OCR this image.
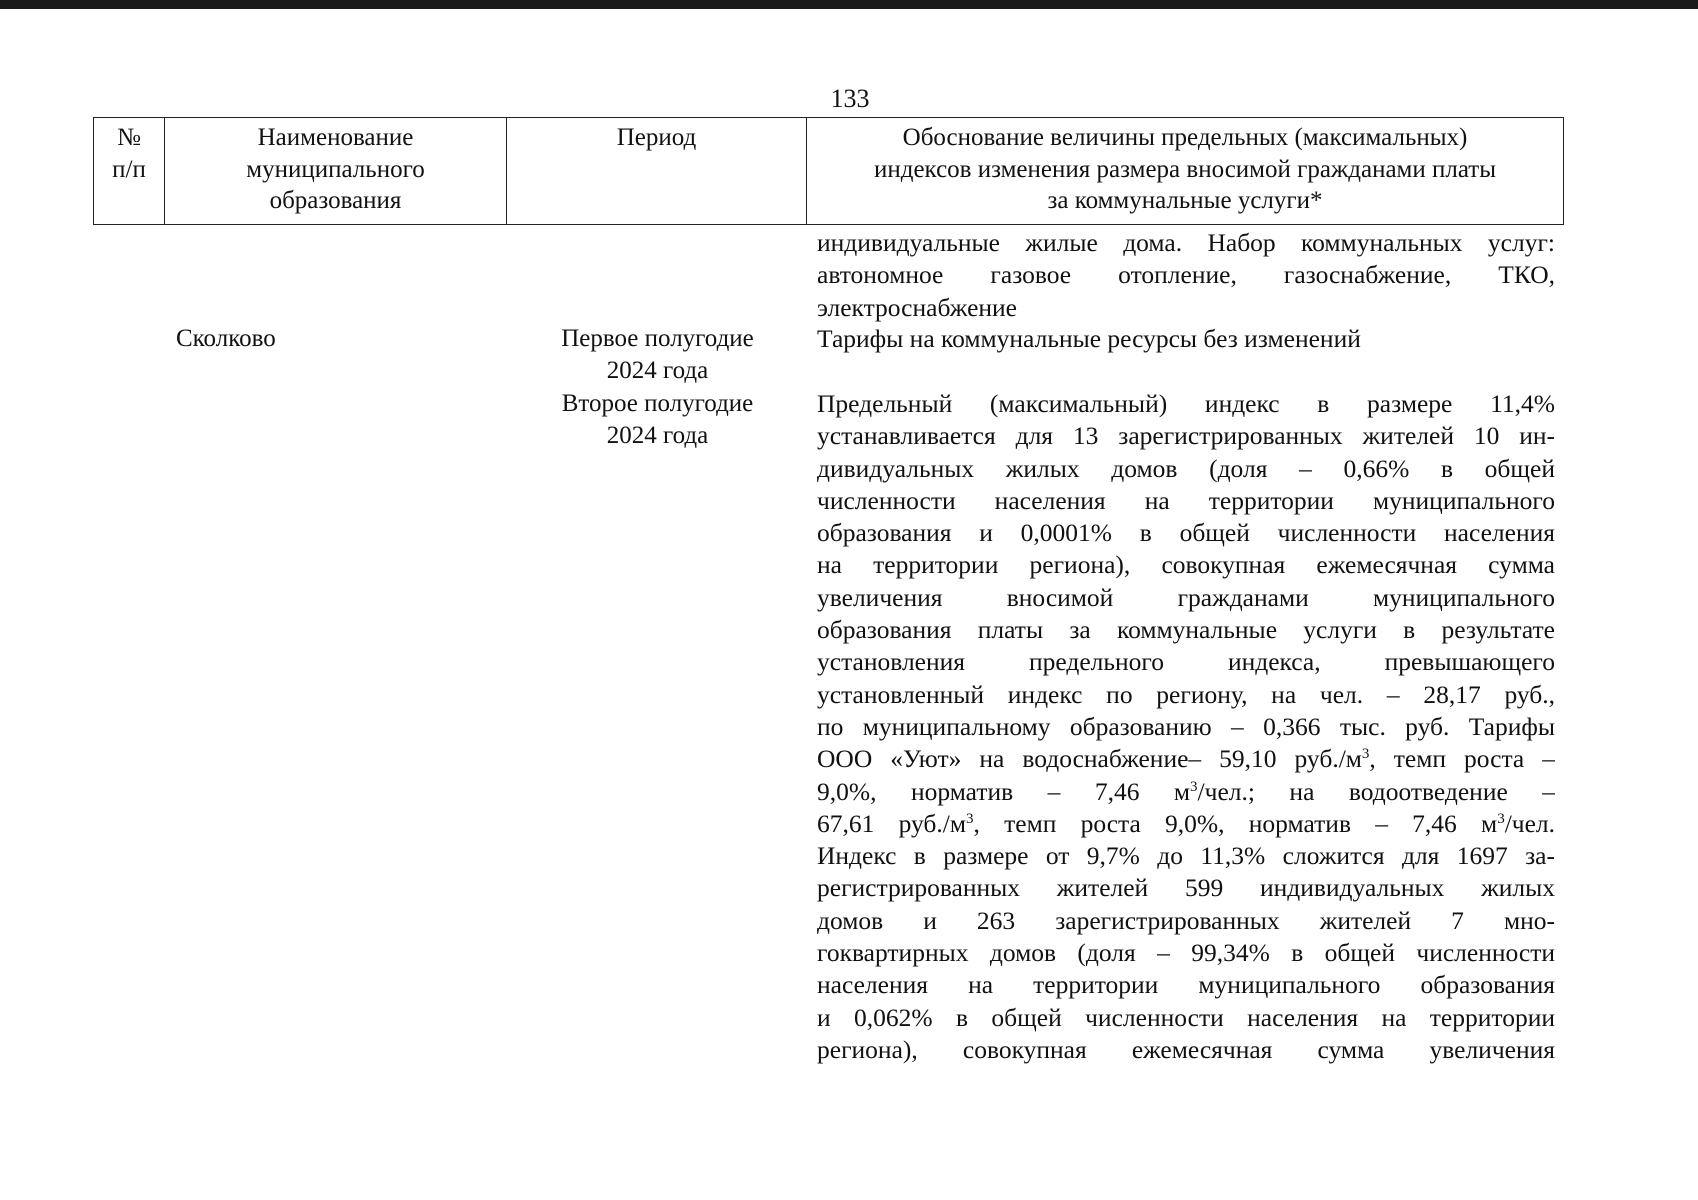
133
№
п/п
Наименование
муниципального
образования
Период	Обоснование величины предельных (максимальных)
индексов изменения размера вносимой гражданами платы
за коммунальные услуги*
индивидуальные жилые дома. Набор коммунальных услуг:
автономное газовое отопление, газоснабжение, ТКО,
электроснабжение
Сколково	Первое полугодие
2024 года
Тарифы на коммунальные ресурсы без изменений
Второе полугодие
2024 года
Предельный (максимальный) индекс в размере 11,4%
устанавливается для 13 зарегистрированных жителей 10 ин-
дивидуальных жилых домов (доля – 0,66% в общей
численности населения на территории муниципального
образования и 0,0001% в общей численности населения
на территории региона), совокупная ежемесячная сумма
увеличения вносимой гражданами муниципального
образования платы за коммунальные услуги в результате
установления предельного индекса, превышающего
установленный индекс по региону, на чел. – 28,17 руб.,
по муниципальному образованию – 0,366 тыс. руб. Тарифы
ООО «Уют» на водоснабжение– 59,10 $руб./м^3$, темп роста –
9,0%, норматив – 7,46 $м^3$/чел.; на водоотведение –
67,61 $руб./м^3$, темп роста 9,0%, норматив – 7,46 $м^3$/чел.
Индекс в размере от 9,7% до 11,3% сложится для 1697 за-
регистрированных жителей 599 индивидуальных жилых
домов и 263 зарегистрированных жителей 7 мно-
гоквартирных домов (доля – 99,34% в общей численности
населения на территории муниципального образования
и 0,062% в общей численности населения на территории
региона), совокупная ежемесячная сумма увеличения
